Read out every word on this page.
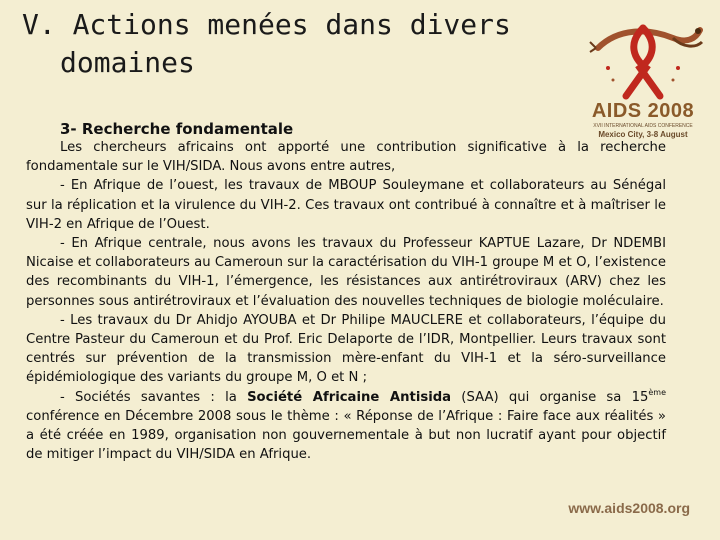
V. Actions menées dans divers
domaines
AIDS 2008
XVII INTERNATIONAL AIDS CONFERENCE
Mexico City, 3-8 August
3- Recherche fondamentale

Les chercheurs africains ont apporté une contribution significative à la recherche fondamentale sur le VIH/SIDA. Nous avons entre autres,

- En Afrique de l’ouest, les travaux de MBOUP Souleymane et collaborateurs au Sénégal sur la réplication et la virulence du VIH-2. Ces travaux ont contribué à connaître et à maîtriser le VIH-2 en Afrique de l’Ouest.

- En Afrique centrale, nous avons les travaux du Professeur KAPTUE Lazare, Dr NDEMBI Nicaise et collaborateurs au Cameroun sur la caractérisation du VIH-1 groupe M et O, l’existence des recombinants du VIH-1, l’émergence, les résistances aux antirétroviraux (ARV) chez les personnes sous antirétroviraux et l’évaluation des nouvelles techniques de biologie moléculaire.

- Les travaux du Dr Ahidjo AYOUBA et Dr Philipe MAUCLERE et collaborateurs, l’équipe du Centre Pasteur du Cameroun et du Prof. Eric Delaporte de l’IDR, Montpellier. Leurs travaux sont centrés sur prévention de la transmission mère-enfant du VIH-1 et la séro-surveillance épidémiologique des variants du groupe M, O et N ;

- Sociétés savantes : la Société Africaine Antisida (SAA) qui organise sa 15ème conférence en Décembre 2008 sous le thème : « Réponse de l’Afrique : Faire face aux réalités » a été créée en 1989, organisation non gouvernementale à but non lucratif ayant pour objectif de mitiger l’impact du VIH/SIDA en Afrique.

www.aids2008.org
